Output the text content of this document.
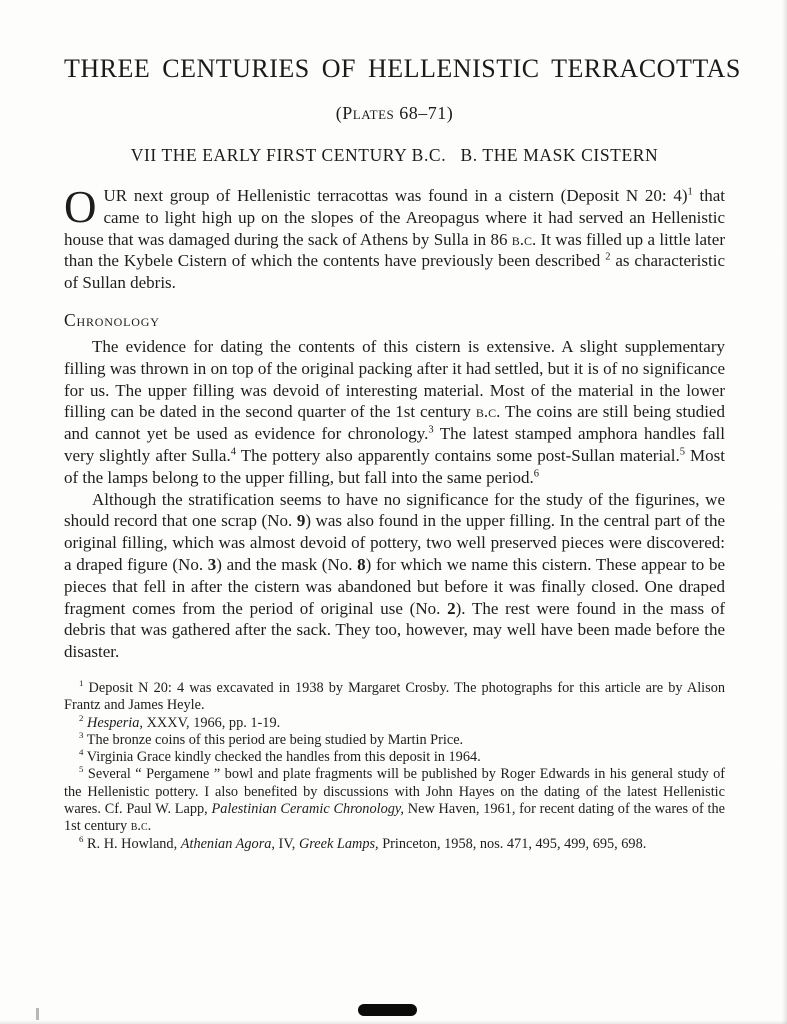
THREE CENTURIES OF HELLENISTIC TERRACOTTAS
(Plates 68–71)
VII THE EARLY FIRST CENTURY B.C.  B. THE MASK CISTERN

OUR next group of Hellenistic terracottas was found in a cistern (Deposit N 20: 4)$^1$ that came to light high up on the slopes of the Areopagus where it had served an Hellenistic house that was damaged during the sack of Athens by Sulla in 86 b.c. It was filled up a little later than the Kybele Cistern of which the contents have previously been described $^2$ as characteristic of Sullan debris.

Chronology

The evidence for dating the contents of this cistern is extensive. A slight supplementary filling was thrown in on top of the original packing after it had settled, but it is of no significance for us. The upper filling was devoid of interesting material. Most of the material in the lower filling can be dated in the second quarter of the 1st century b.c. The coins are still being studied and cannot yet be used as evidence for chronology.$^3$ The latest stamped amphora handles fall very slightly after Sulla.$^4$ The pottery also apparently contains some post-Sullan material.$^5$ Most of the lamps belong to the upper filling, but fall into the same period.$^6$

Although the stratification seems to have no significance for the study of the figurines, we should record that one scrap (No. 9) was also found in the upper filling. In the central part of the original filling, which was almost devoid of pottery, two well preserved pieces were discovered: a draped figure (No. 3) and the mask (No. 8) for which we name this cistern. These appear to be pieces that fell in after the cistern was abandoned but before it was finally closed. One draped fragment comes from the period of original use (No. 2). The rest were found in the mass of debris that was gathered after the sack. They too, however, may well have been made before the disaster.

$^1$ Deposit N 20: 4 was excavated in 1938 by Margaret Crosby. The photographs for this article are by Alison Frantz and James Heyle.

$^2$ Hesperia, XXXV, 1966, pp. 1-19.

$^3$ The bronze coins of this period are being studied by Martin Price.

$^4$ Virginia Grace kindly checked the handles from this deposit in 1964.

$^5$ Several “ Pergamene ” bowl and plate fragments will be published by Roger Edwards in his general study of the Hellenistic pottery. I also benefited by discussions with John Hayes on the dating of the latest Hellenistic wares. Cf. Paul W. Lapp, Palestinian Ceramic Chronology, New Haven, 1961, for recent dating of the wares of the 1st century b.c.

$^6$ R. H. Howland, Athenian Agora, IV, Greek Lamps, Princeton, 1958, nos. 471, 495, 499, 695, 698.
